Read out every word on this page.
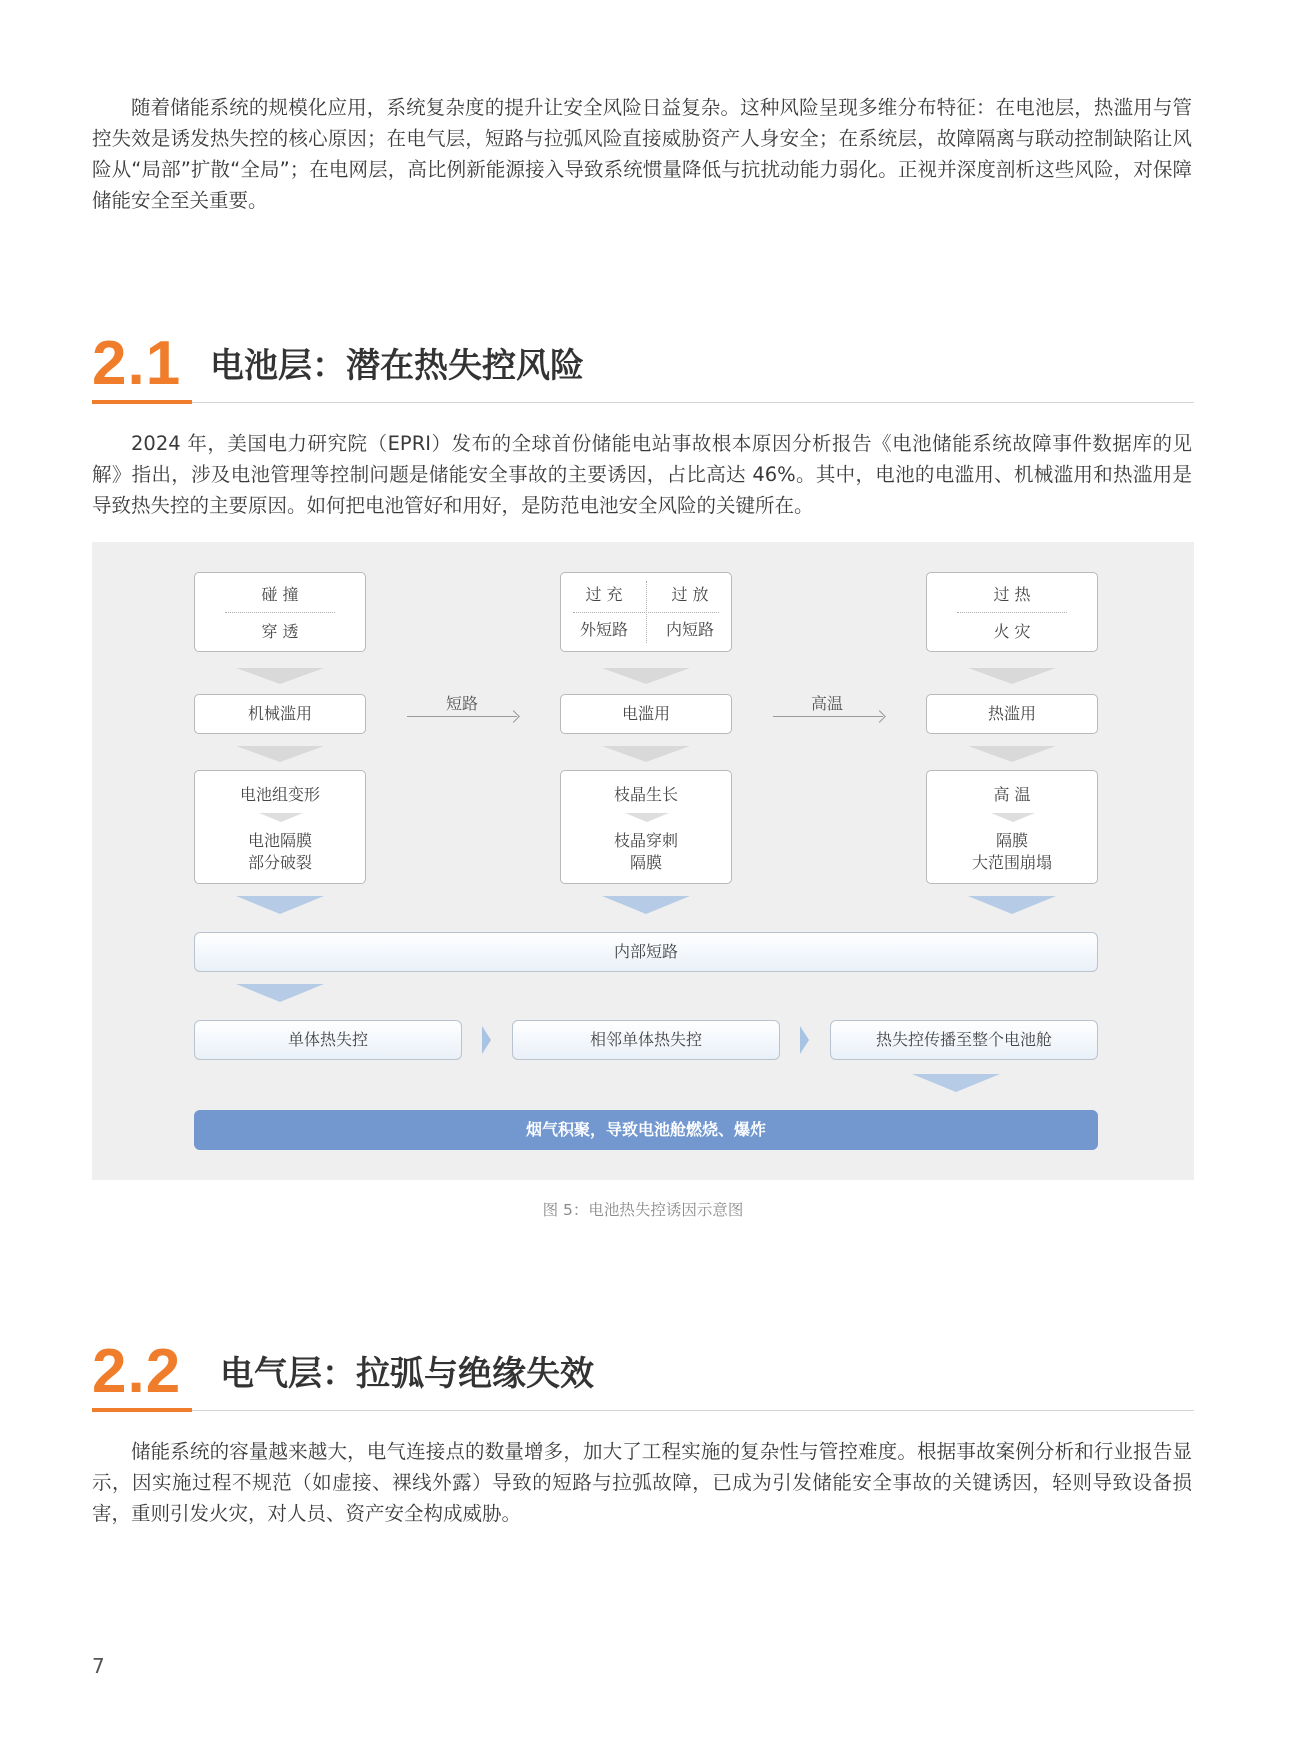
随着储能系统的规模化应用，系统复杂度的提升让安全风险日益复杂。这种风险呈现多维分布特征：在电池层，热滥用与管控失效是诱发热失控的核心原因；在电气层，短路与拉弧风险直接威胁资产人身安全；在系统层，故障隔离与联动控制缺陷让风险从“局部”扩散“全局”；在电网层，高比例新能源接入导致系统惯量降低与抗扰动能力弱化。正视并深度剖析这些风险，对保障储能安全至关重要。

2.1 电池层：潜在热失控风险

2024 年，美国电力研究院（EPRI）发布的全球首份储能电站事故根本原因分析报告《电池储能系统故障事件数据库的见解》指出，涉及电池管理等控制问题是储能安全事故的主要诱因，占比高达 46%。其中，电池的电滥用、机械滥用和热滥用是导致热失控的主要原因。如何把电池管好和用好，是防范电池安全风险的关键所在。

碰 撞
穿 透
过 充	过 放
外短路	内短路
过 热
火 灾
机械滥用	电滥用	热滥用
短路	高温
电池组变形
电池隔膜
部分破裂
枝晶生长
枝晶穿刺
隔膜
高 温
隔膜
大范围崩塌
内部短路
单体热失控	相邻单体热失控	热失控传播至整个电池舱
烟气积聚，导致电池舱燃烧、爆炸
图 5：电池热失控诱因示意图
2.2 电气层：拉弧与绝缘失效

储能系统的容量越来越大，电气连接点的数量增多，加大了工程实施的复杂性与管控难度。根据事故案例分析和行业报告显示，因实施过程不规范（如虚接、裸线外露）导致的短路与拉弧故障，已成为引发储能安全事故的关键诱因，轻则导致设备损害，重则引发火灾，对人员、资产安全构成威胁。

7
